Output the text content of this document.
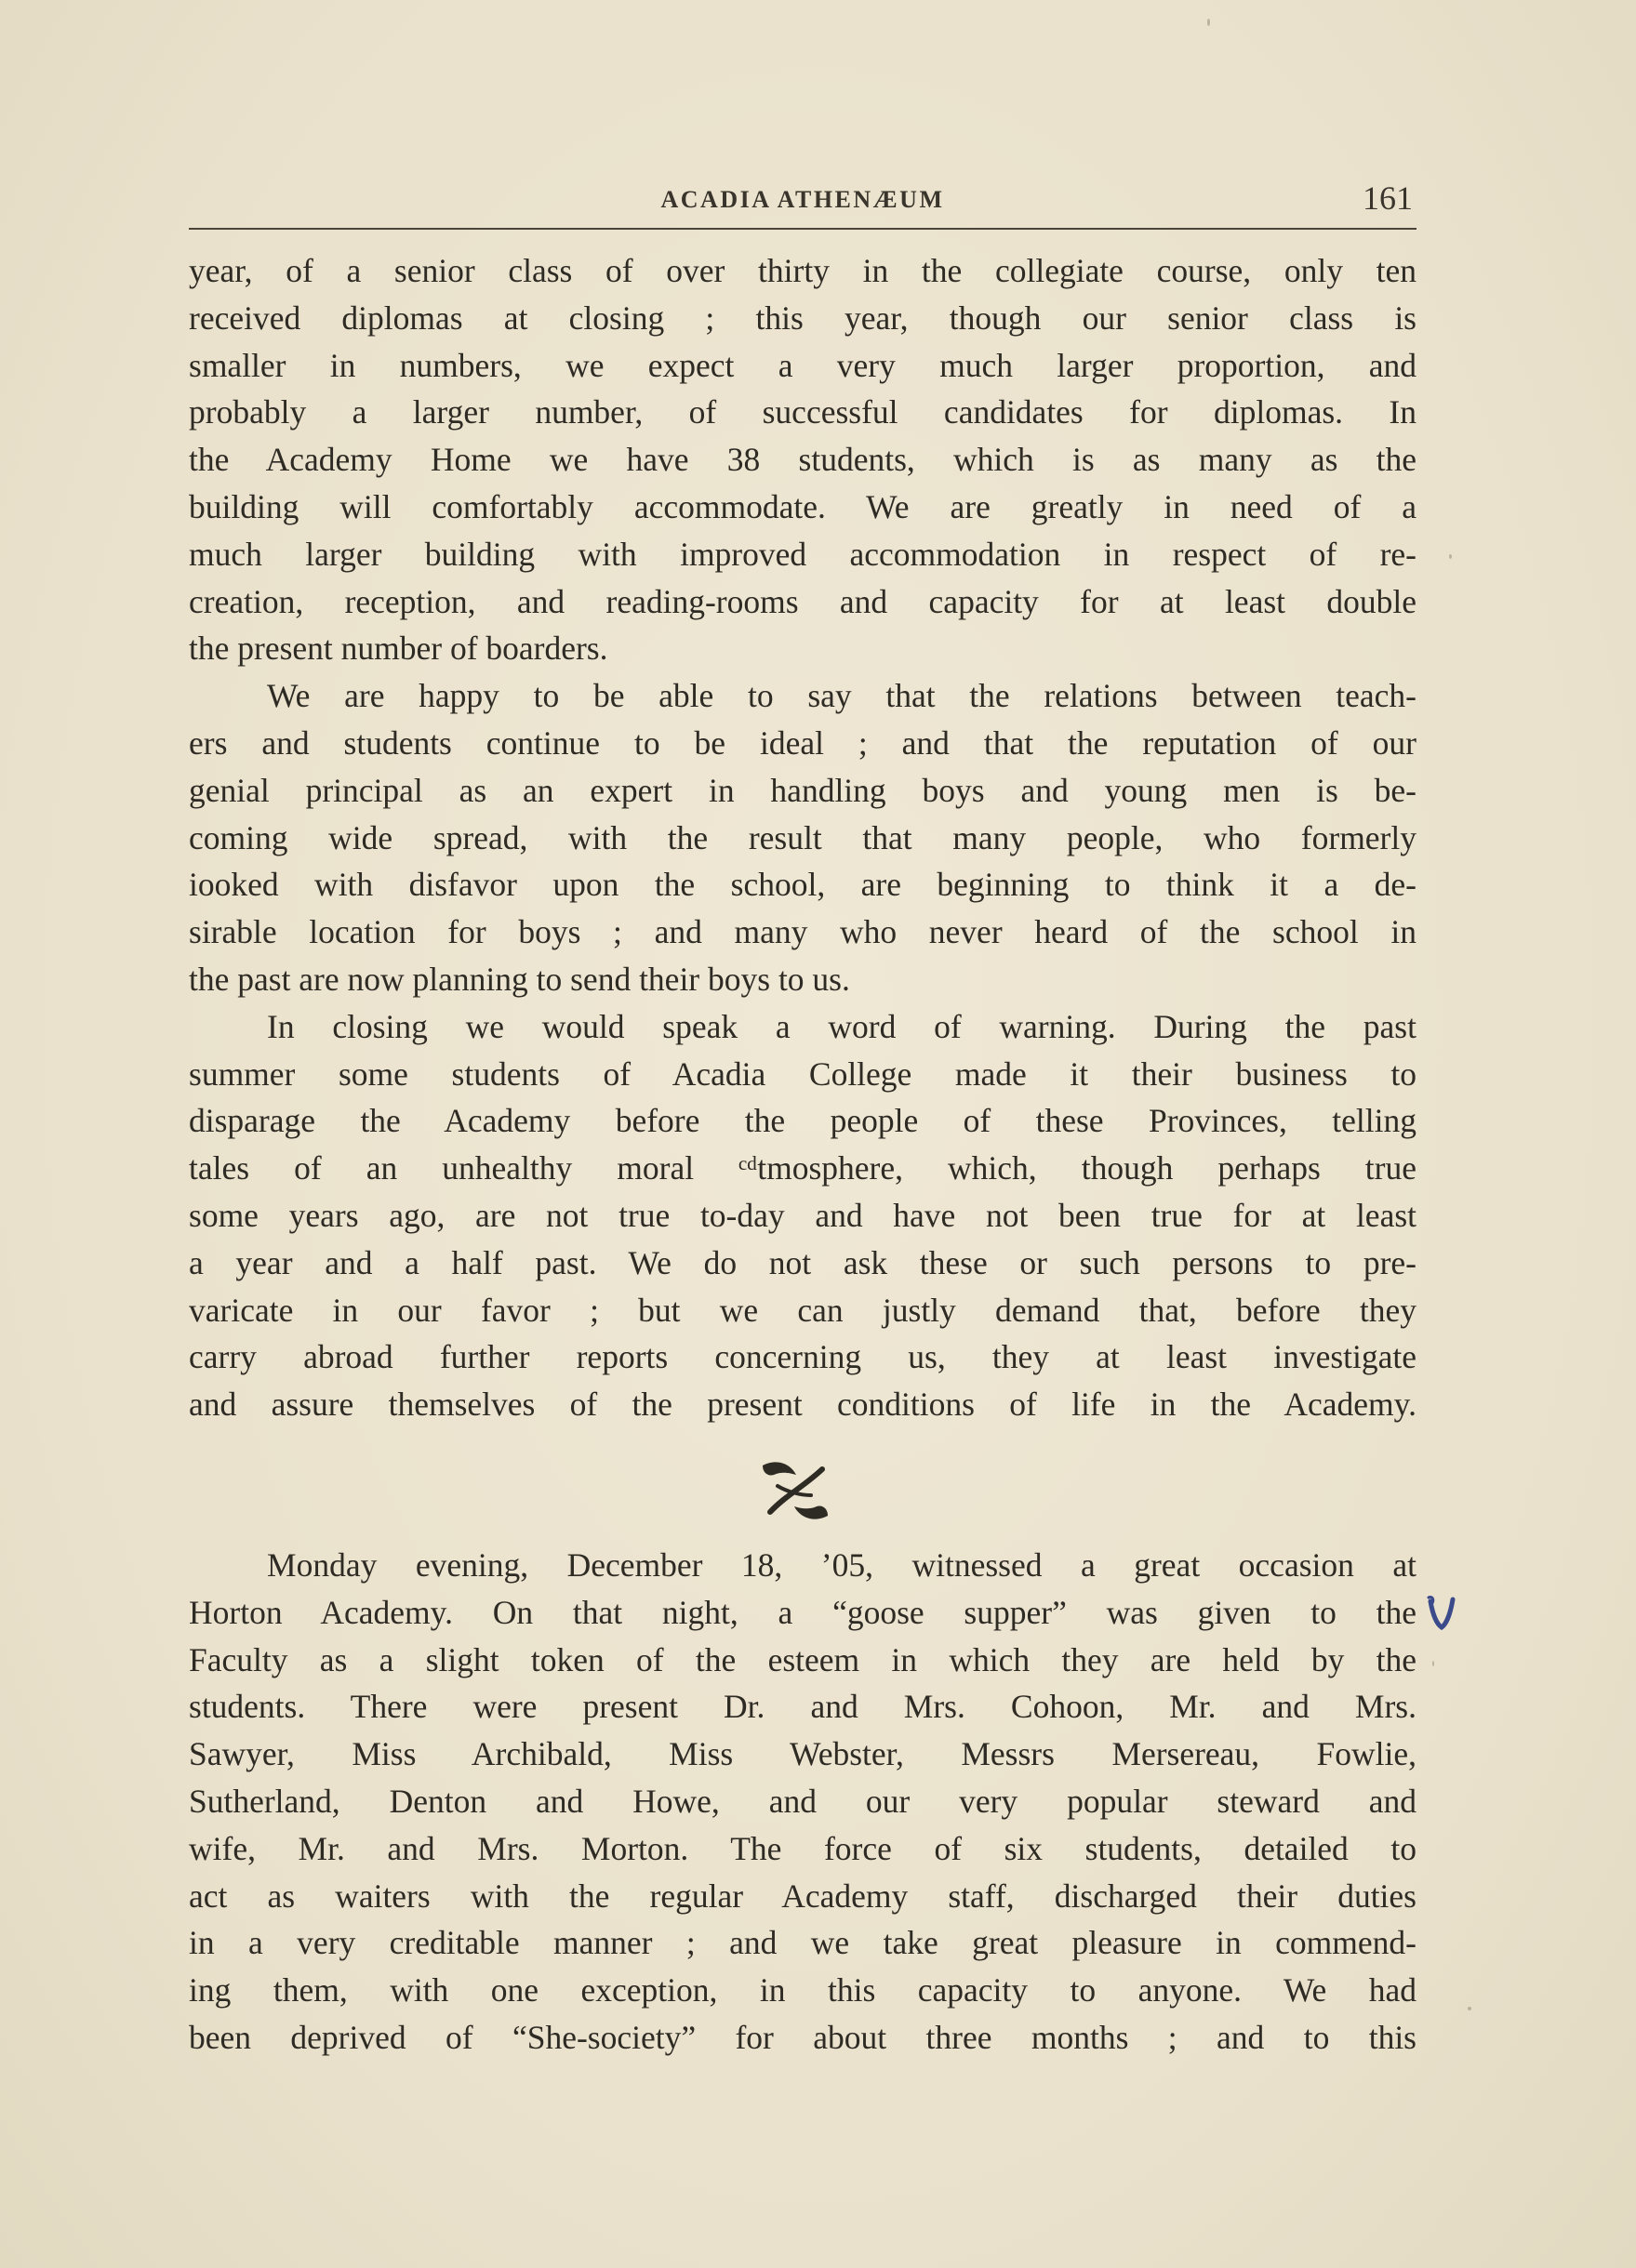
ACADIA ATHENÆUM	161
year, of a senior class of over thirty in the collegiate course, only ten
received diplomas at closing ; this year, though our senior class is
smaller in numbers, we expect a very much larger proportion, and
probably a larger number, of successful candidates for diplomas. In
the Academy Home we have 38 students, which is as many as the
building will comfortably accommodate. We are greatly in need of a
much larger building with improved accommodation in respect of re-
creation, reception, and reading-rooms and capacity for at least double
the present number of boarders.
We are happy to be able to say that the relations between teach-
ers and students continue to be ideal ; and that the reputation of our
genial principal as an expert in handling boys and young men is be-
coming wide spread, with the result that many people, who formerly
iooked with disfavor upon the school, are beginning to think it a de-
sirable location for boys ; and many who never heard of the school in
the past are now planning to send their boys to us.
In closing we would speak a word of warning. During the past
summer some students of Acadia College made it their business to
disparage the Academy before the people of these Provinces, telling
tales of an unhealthy moral ᶜᵈtmosphere, which, though perhaps true
some years ago, are not true to-day and have not been true for at least
a year and a half past. We do not ask these or such persons to pre-
varicate in our favor ; but we can justly demand that, before they
carry abroad further reports concerning us, they at least investigate
and assure themselves of the present conditions of life in the Academy.
Monday evening, December 18, ’05, witnessed a great occasion at
Horton Academy. On that night, a “goose supper” was given to the
Faculty as a slight token of the esteem in which they are held by the
students. There were present Dr. and Mrs. Cohoon, Mr. and Mrs.
Sawyer, Miss Archibald, Miss Webster, Messrs Mersereau, Fowlie,
Sutherland, Denton and Howe, and our very popular steward and
wife, Mr. and Mrs. Morton. The force of six students, detailed to
act as waiters with the regular Academy staff, discharged their duties
in a very creditable manner ; and we take great pleasure in commend-
ing them, with one exception, in this capacity to anyone. We had
been deprived of “She-society” for about three months ; and to this
